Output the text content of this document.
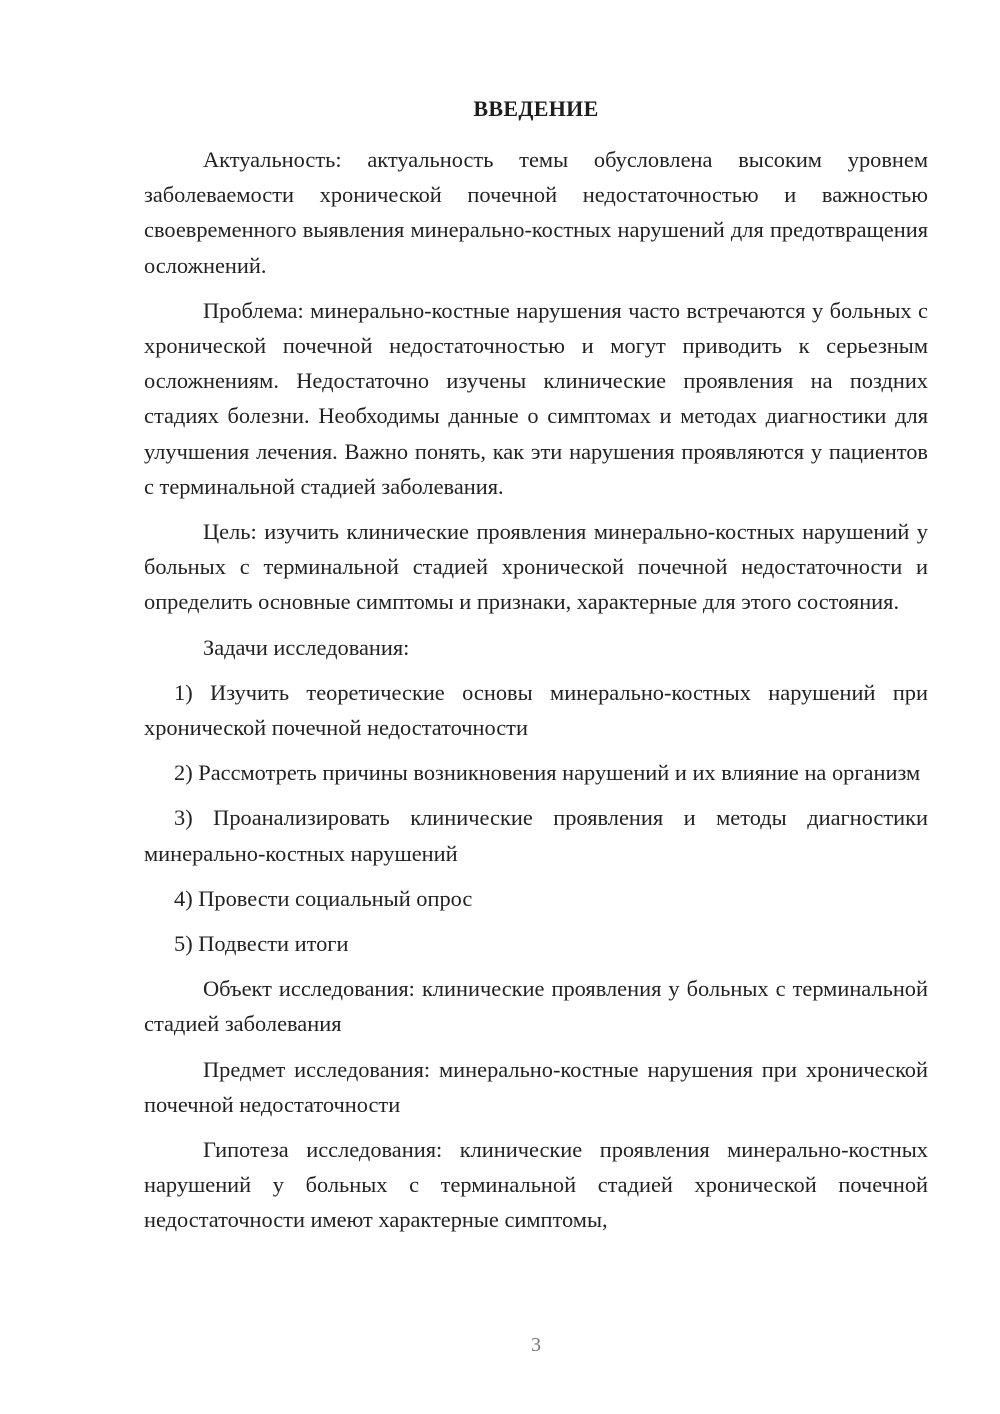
ВВЕДЕНИЕ

Актуальность: актуальность темы обусловлена высоким уровнем заболеваемости хронической почечной недостаточностью и важностью своевременного выявления минерально-костных нарушений для предотвращения осложнений.

Проблема: минерально-костные нарушения часто встречаются у больных с хронической почечной недостаточностью и могут приводить к серьезным осложнениям. Недостаточно изучены клинические проявления на поздних стадиях болезни. Необходимы данные о симптомах и методах диагностики для улучшения лечения. Важно понять, как эти нарушения проявляются у пациентов с терминальной стадией заболевания.

Цель: изучить клинические проявления минерально-костных нарушений у больных с терминальной стадией хронической почечной недостаточности и определить основные симптомы и признаки, характерные для этого состояния.

Задачи исследования:

1) Изучить теоретические основы минерально-костных нарушений при хронической почечной недостаточности

2) Рассмотреть причины возникновения нарушений и их влияние на организм

3) Проанализировать клинические проявления и методы диагностики минерально-костных нарушений

4) Провести социальный опрос

5) Подвести итоги

Объект исследования: клинические проявления у больных с терминальной стадией заболевания

Предмет исследования: минерально-костные нарушения при хронической почечной недостаточности

Гипотеза исследования: клинические проявления минерально-костных нарушений у больных с терминальной стадией хронической почечной недостаточности имеют характерные симптомы,

3
